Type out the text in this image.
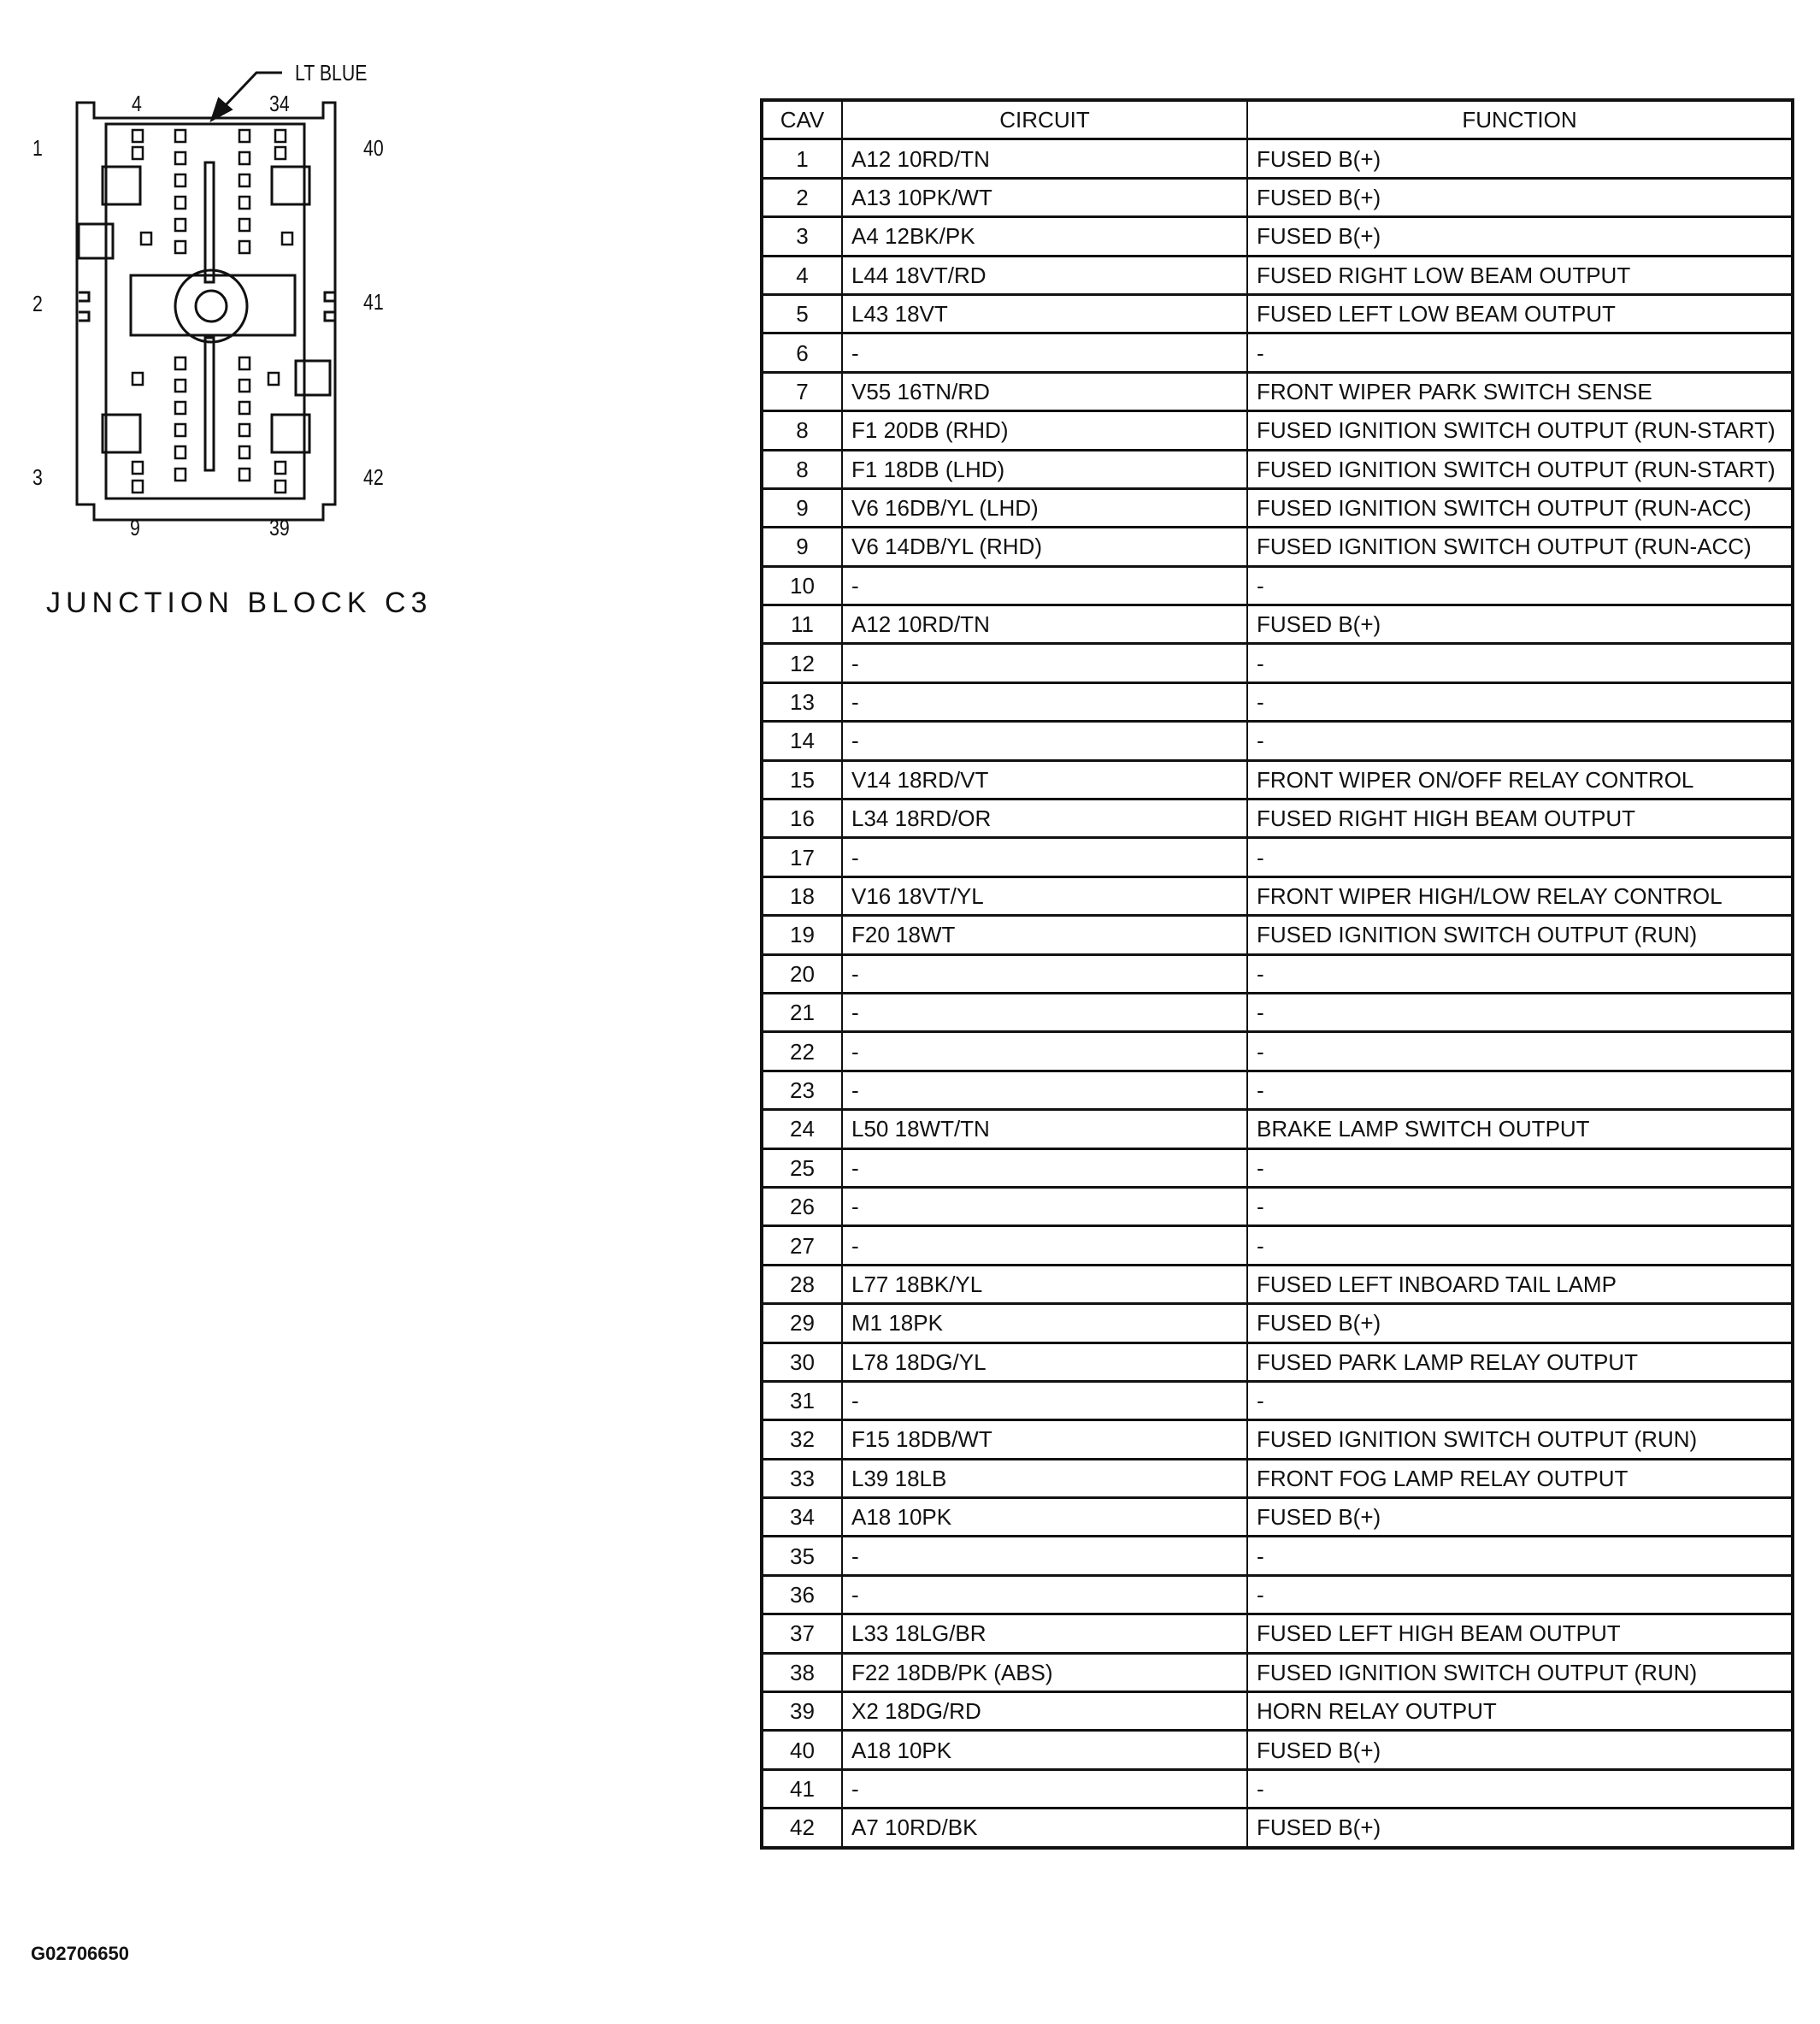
LT BLUE
4	34
1	40
2	41
3	42
9	39
JUNCTION BLOCK C3
CAV	CIRCUIT	FUNCTION
1	A12 10RD/TN	FUSED B(+)
2	A13 10PK/WT	FUSED B(+)
3	A4 12BK/PK	FUSED B(+)
4	L44 18VT/RD	FUSED RIGHT LOW BEAM OUTPUT
5	L43 18VT	FUSED LEFT LOW BEAM OUTPUT
6	-	-
7	V55 16TN/RD	FRONT WIPER PARK SWITCH SENSE
8	F1 20DB (RHD)	FUSED IGNITION SWITCH OUTPUT (RUN-START)
8	F1 18DB (LHD)	FUSED IGNITION SWITCH OUTPUT (RUN-START)
9	V6 16DB/YL (LHD)	FUSED IGNITION SWITCH OUTPUT (RUN-ACC)
9	V6 14DB/YL (RHD)	FUSED IGNITION SWITCH OUTPUT (RUN-ACC)
10	-	-
11	A12 10RD/TN	FUSED B(+)
12	-	-
13	-	-
14	-	-
15	V14 18RD/VT	FRONT WIPER ON/OFF RELAY CONTROL
16	L34 18RD/OR	FUSED RIGHT HIGH BEAM OUTPUT
17	-	-
18	V16 18VT/YL	FRONT WIPER HIGH/LOW RELAY CONTROL
19	F20 18WT	FUSED IGNITION SWITCH OUTPUT (RUN)
20	-	-
21	-	-
22	-	-
23	-	-
24	L50 18WT/TN	BRAKE LAMP SWITCH OUTPUT
25	-	-
26	-	-
27	-	-
28	L77 18BK/YL	FUSED LEFT INBOARD TAIL LAMP
29	M1 18PK	FUSED B(+)
30	L78 18DG/YL	FUSED PARK LAMP RELAY OUTPUT
31	-	-
32	F15 18DB/WT	FUSED IGNITION SWITCH OUTPUT (RUN)
33	L39 18LB	FRONT FOG LAMP RELAY OUTPUT
34	A18 10PK	FUSED B(+)
35	-	-
36	-	-
37	L33 18LG/BR	FUSED LEFT HIGH BEAM OUTPUT
38	F22 18DB/PK (ABS)	FUSED IGNITION SWITCH OUTPUT (RUN)
39	X2 18DG/RD	HORN RELAY OUTPUT
40	A18 10PK	FUSED B(+)
41	-	-
42	A7 10RD/BK	FUSED B(+)
G02706650
